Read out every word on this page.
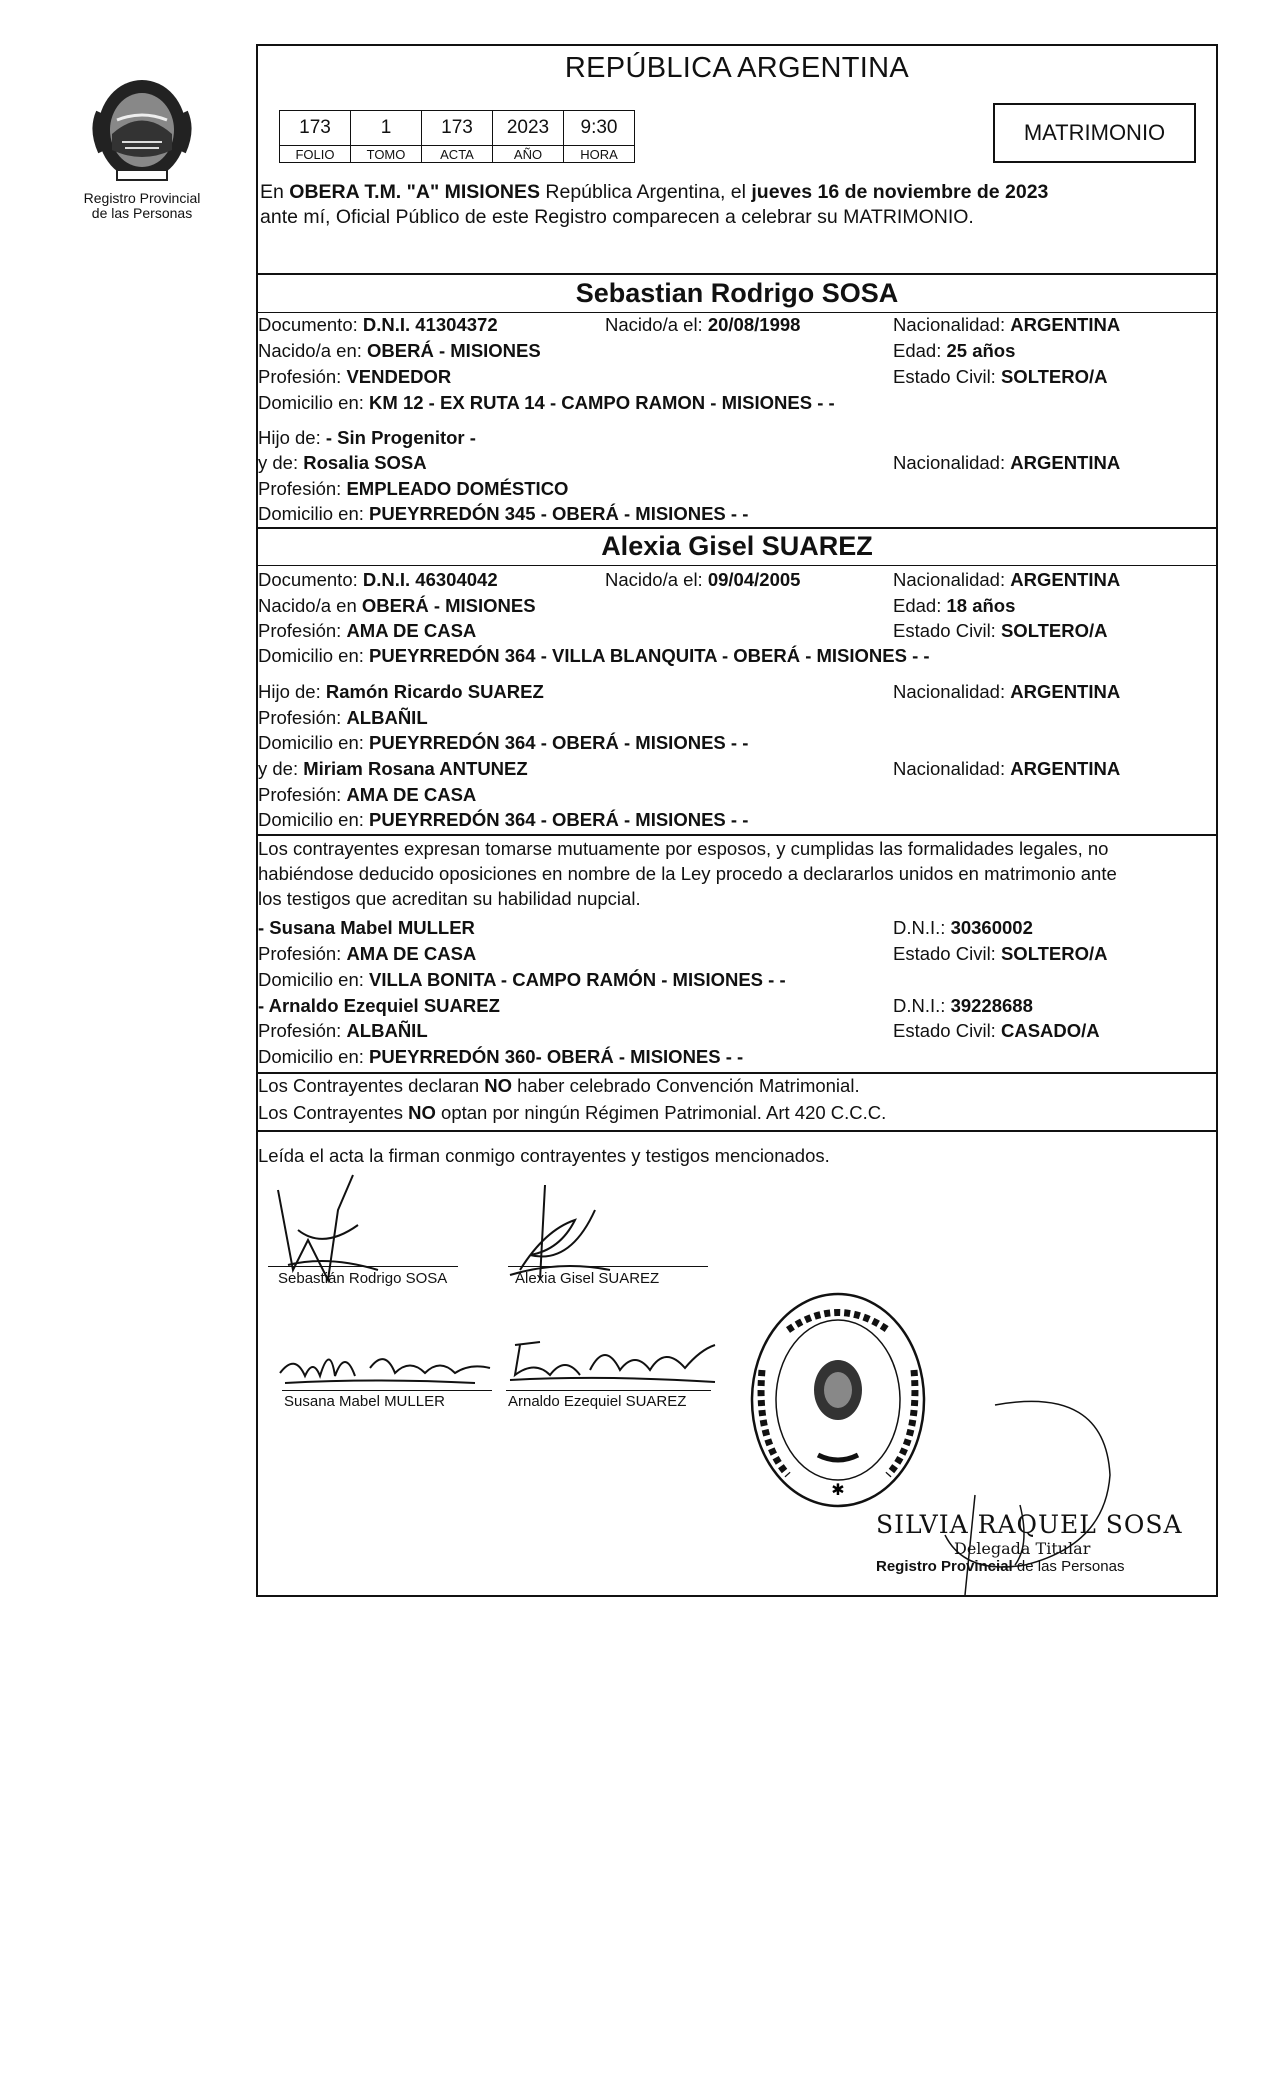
Registro Provincial
de las Personas
REPÚBLICA ARGENTINA
173	1	173	2023	9:30
FOLIO	TOMO	ACTA	AÑO	HORA
MATRIMONIO
En OBERA T.M. "A" MISIONES República Argentina, el jueves 16 de noviembre de 2023
ante mí, Oficial Público de este Registro comparecen a celebrar su MATRIMONIO.
Sebastian Rodrigo SOSA
Documento: D.N.I. 41304372	Nacido/a el: 20/08/1998	Nacionalidad: ARGENTINA
Nacido/a en: OBERÁ - MISIONES	Edad: 25 años
Profesión: VENDEDOR	Estado Civil: SOLTERO/A
Domicilio en: KM 12 - EX RUTA 14 - CAMPO RAMON - MISIONES - -
Hijo de: - Sin Progenitor -
y de: Rosalia SOSA	Nacionalidad: ARGENTINA
Profesión: EMPLEADO DOMÉSTICO
Domicilio en: PUEYRREDÓN 345 - OBERÁ - MISIONES - -
Alexia Gisel SUAREZ
Documento: D.N.I. 46304042	Nacido/a el: 09/04/2005	Nacionalidad: ARGENTINA
Nacido/a en OBERÁ - MISIONES	Edad: 18 años
Profesión: AMA DE CASA	Estado Civil: SOLTERO/A
Domicilio en: PUEYRREDÓN 364 - VILLA BLANQUITA - OBERÁ - MISIONES - -
Hijo de: Ramón Ricardo SUAREZ	Nacionalidad: ARGENTINA
Profesión: ALBAÑIL
Domicilio en: PUEYRREDÓN 364 - OBERÁ - MISIONES - -
y de: Miriam Rosana ANTUNEZ	Nacionalidad: ARGENTINA
Profesión: AMA DE CASA
Domicilio en: PUEYRREDÓN 364 - OBERÁ - MISIONES - -
Los contrayentes expresan tomarse mutuamente por esposos, y cumplidas las formalidades legales, no
habiéndose deducido oposiciones en nombre de la Ley procedo a declararlos unidos en matrimonio ante
los testigos que acreditan su habilidad nupcial.
- Susana Mabel MULLER	D.N.I.: 30360002
Profesión: AMA DE CASA	Estado Civil: SOLTERO/A
Domicilio en: VILLA BONITA - CAMPO RAMÓN - MISIONES - -
- Arnaldo Ezequiel SUAREZ	D.N.I.: 39228688
Profesión: ALBAÑIL	Estado Civil: CASADO/A
Domicilio en: PUEYRREDÓN 360- OBERÁ - MISIONES - -
Los Contrayentes declaran NO haber celebrado Convención Matrimonial.
Los Contrayentes NO optan por ningún Régimen Patrimonial. Art 420 C.C.C.
Leída el acta la firman conmigo contrayentes y testigos mencionados.
Sebastián Rodrigo SOSA	Alexia Gisel SUAREZ
Susana Mabel MULLER	Arnaldo Ezequiel SUAREZ
✱
SILVIA RAQUEL SOSA
Delegada Titular
Registro Provincial de las Personas
